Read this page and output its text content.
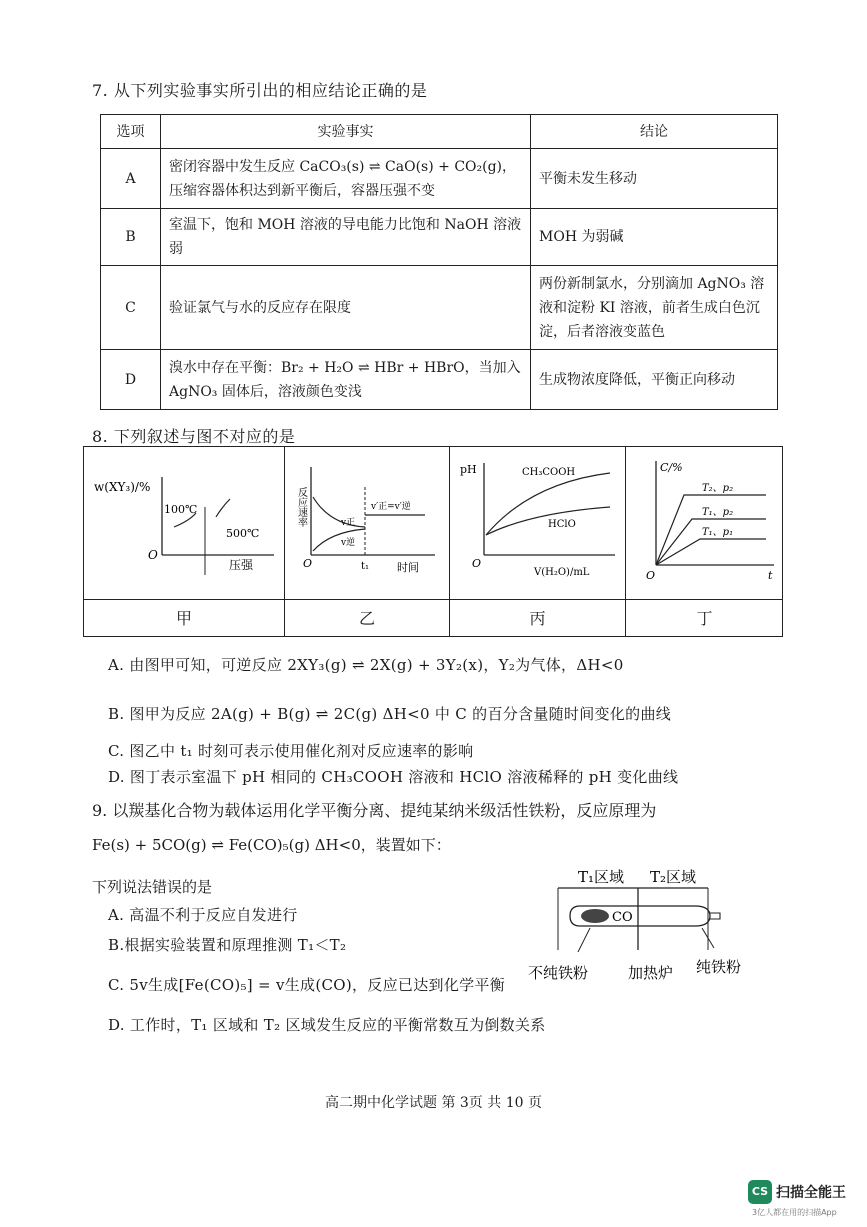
7. 从下列实验事实所引出的相应结论正确的是
选项	实验事实	结论
A	密闭容器中发生反应 CaCO₃(s) ⇌ CaO(s) + CO₂(g)，压缩容器体积达到新平衡后，容器压强不变	平衡未发生移动
B	室温下，饱和 MOH 溶液的导电能力比饱和 NaOH 溶液弱	MOH 为弱碱
C	验证氯气与水的反应存在限度	两份新制氯水，分别滴加 AgNO₃ 溶液和淀粉 KI 溶液，前者生成白色沉淀，后者溶液变蓝色
D	溴水中存在平衡：Br₂ + H₂O ⇌ HBr + HBrO，当加入 AgNO₃ 固体后，溶液颜色变浅	生成物浓度降低，平衡正向移动
8. 下列叙述与图不对应的是
w(XY₃)/%
O
压强
100℃
500℃
反应速率
O	时间
t₁
v正
v逆
v′正=v′逆
pH
O
V(H₂O)/mL
CH₃COOH
HClO
C/%
O	t
T₂、p₂
T₁、p₂
T₁、p₁
甲	乙	丙	丁
A. 由图甲可知，可逆反应 2XY₃(g) ⇌ 2X(g) + 3Y₂(x)，Y₂为气体，ΔH<0
B. 图甲为反应 2A(g) + B(g) ⇌ 2C(g) ΔH<0 中 C 的百分含量随时间变化的曲线
C. 图乙中 t₁ 时刻可表示使用催化剂对反应速率的影响
D. 图丁表示室温下 pH 相同的 CH₃COOH 溶液和 HClO 溶液稀释的 pH 变化曲线
9. 以羰基化合物为载体运用化学平衡分离、提纯某纳米级活性铁粉，反应原理为
Fe(s) + 5CO(g) ⇌ Fe(CO)₅(g) ΔH<0，装置如下：
下列说法错误的是
A. 高温不利于反应自发进行
B.根据实验装置和原理推测 T₁＜T₂
C. 5v生成[Fe(CO)₅] = v生成(CO)，反应已达到化学平衡
D. 工作时，T₁ 区域和 T₂ 区域发生反应的平衡常数互为倒数关系
T₁区域 T₂区域
CO
不纯铁粉	加热炉 纯铁粉
高二期中化学试题 第 3页 共 10 页
CS 扫描全能王
3亿人都在用的扫描App
